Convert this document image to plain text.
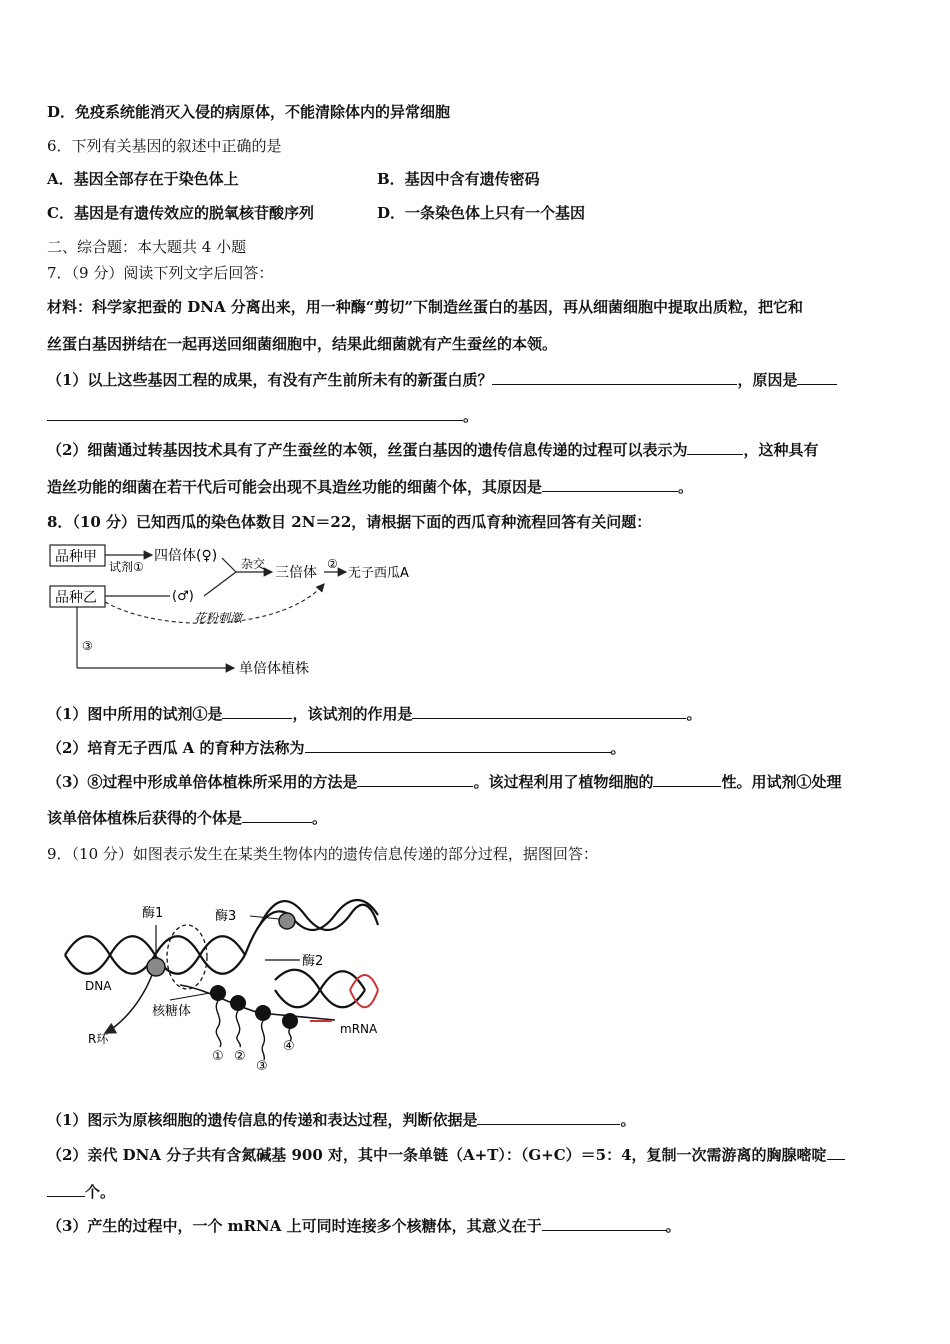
D．免疫系统能消灭入侵的病原体，不能清除体内的异常细胞
6．下列有关基因的叙述中正确的是
A．基因全部存在于染色体上	B．基因中含有遗传密码
C．基因是有遗传效应的脱氧核苷酸序列	D．一条染色体上只有一个基因
二、综合题：本大题共 4 小题
7．（9 分）阅读下列文字后回答：
材料：科学家把蚕的 DNA 分离出来，用一种酶“剪切”下制造丝蛋白的基因，再从细菌细胞中提取出质粒，把它和
丝蛋白基因拼结在一起再送回细菌细胞中，结果此细菌就有产生蚕丝的本领。
（1）以上这些基因工程的成果，有没有产生前所未有的新蛋白质？	，原因是
。
（2）细菌通过转基因技术具有了产生蚕丝的本领，丝蛋白基因的遗传信息传递的过程可以表示为	，这种具有
造丝功能的细菌在若干代后可能会出现不具造丝功能的细菌个体，其原因是	。
8．（10 分）已知西瓜的染色体数目 2N＝22，请根据下面的西瓜育种流程回答有关问题：
品种甲
试剂①
四倍体(♀)
品种乙	(♂)
杂交
三倍体
②
无子西瓜A
花粉刺激
③
单倍体植株
（1）图中所用的试剂①是	，该试剂的作用是	。
（2）培育无子西瓜 A 的育种方法称为	。
（3）⑧过程中形成单倍体植株所采用的方法是	。该过程利用了植物细胞的	性。用试剂①处理
该单倍体植株后获得的个体是	。
9．（10 分）如图表示发生在某类生物体内的遗传信息传递的部分过程，据图回答：
酶1	酶3
酶2
DNA
核糖体
R环
mRNA
① ②
③
④
（1）图示为原核细胞的遗传信息的传递和表达过程，判断依据是	。
（2）亲代 DNA 分子共有含氮碱基 900 对，其中一条单链（A+T）：（G+C）＝5：4，复制一次需游离的胸腺嘧啶
个。
（3）产生的过程中，一个 mRNA 上可同时连接多个核糖体，其意义在于	。
